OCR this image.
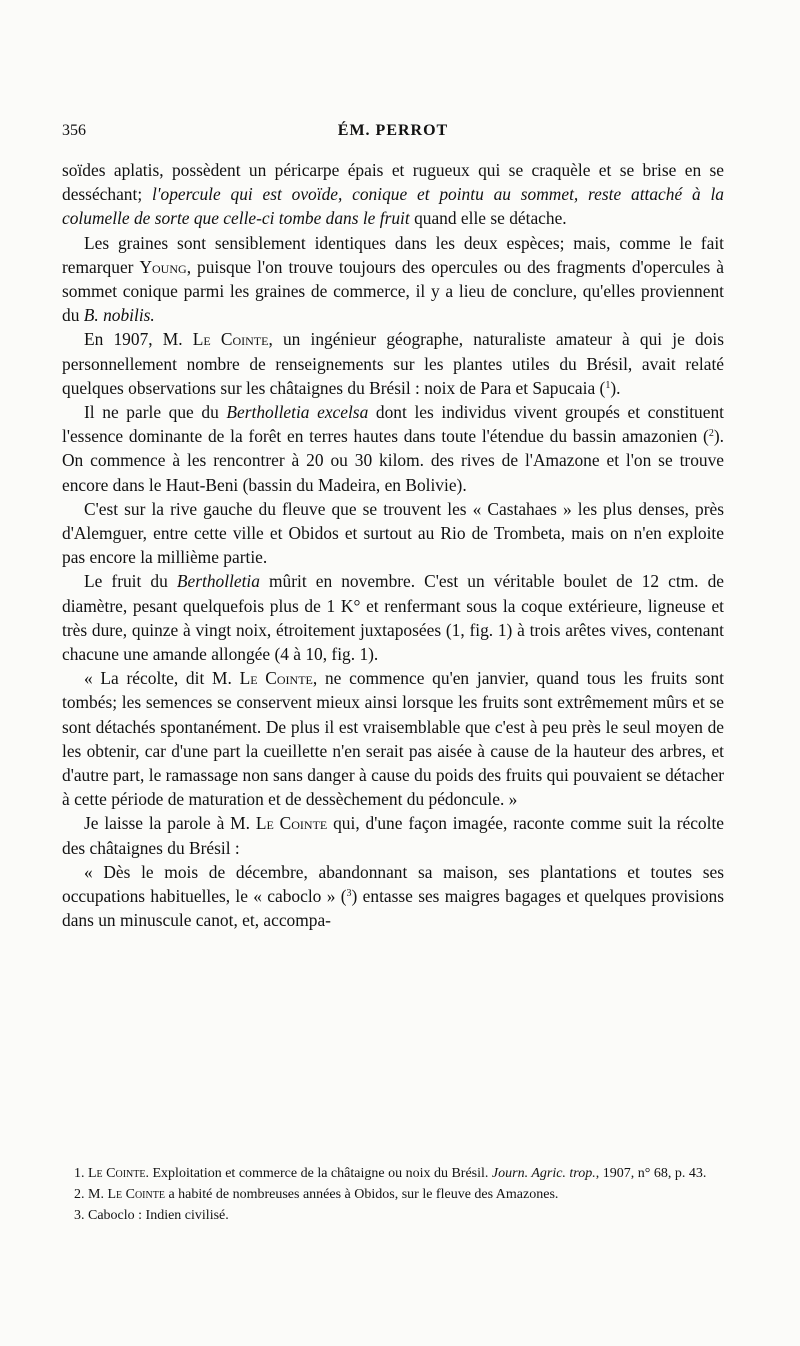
356	ÉM. PERROT

soïdes aplatis, possèdent un péricarpe épais et rugueux qui se craquèle et se brise en se desséchant; l'opercule qui est ovoïde, conique et pointu au sommet, reste attaché à la columelle de sorte que celle-ci tombe dans le fruit quand elle se détache.

Les graines sont sensiblement identiques dans les deux espèces; mais, comme le fait remarquer Young, puisque l'on trouve toujours des opercules ou des fragments d'opercules à sommet conique parmi les graines de commerce, il y a lieu de conclure, qu'elles proviennent du B. nobilis.

En 1907, M. Le Cointe, un ingénieur géographe, naturaliste amateur à qui je dois personnellement nombre de renseignements sur les plantes utiles du Brésil, avait relaté quelques observations sur les châtaignes du Brésil : noix de Para et Sapucaia ($^1$).

Il ne parle que du Bertholletia excelsa dont les individus vivent groupés et constituent l'essence dominante de la forêt en terres hautes dans toute l'étendue du bassin amazonien ($^2$). On commence à les rencontrer à 20 ou 30 kilom. des rives de l'Amazone et l'on se trouve encore dans le Haut-Beni (bassin du Madeira, en Bolivie).

C'est sur la rive gauche du fleuve que se trouvent les « Castahaes » les plus denses, près d'Alemguer, entre cette ville et Obidos et surtout au Rio de Trombeta, mais on n'en exploite pas encore la millième partie.

Le fruit du Bertholletia mûrit en novembre. C'est un véritable boulet de 12 ctm. de diamètre, pesant quelquefois plus de 1 K° et renfermant sous la coque extérieure, ligneuse et très dure, quinze à vingt noix, étroitement juxtaposées (1, fig. 1) à trois arêtes vives, contenant chacune une amande allongée (4 à 10, fig. 1).

« La récolte, dit M. Le Cointe, ne commence qu'en janvier, quand tous les fruits sont tombés; les semences se conservent mieux ainsi lorsque les fruits sont extrêmement mûrs et se sont détachés spontanément. De plus il est vraisemblable que c'est à peu près le seul moyen de les obtenir, car d'une part la cueillette n'en serait pas aisée à cause de la hauteur des arbres, et d'autre part, le ramassage non sans danger à cause du poids des fruits qui pouvaient se détacher à cette période de maturation et de dessèchement du pédoncule. »

Je laisse la parole à M. Le Cointe qui, d'une façon imagée, raconte comme suit la récolte des châtaignes du Brésil :

« Dès le mois de décembre, abandonnant sa maison, ses plantations et toutes ses occupations habituelles, le « caboclo » ($^3$) entasse ses maigres bagages et quelques provisions dans un minuscule canot, et, accompa-

1. Le Cointe. Exploitation et commerce de la châtaigne ou noix du Brésil. Journ. Agric. trop., 1907, n° 68, p. 43.

2. M. Le Cointe a habité de nombreuses années à Obidos, sur le fleuve des Amazones.

3. Caboclo : Indien civilisé.
